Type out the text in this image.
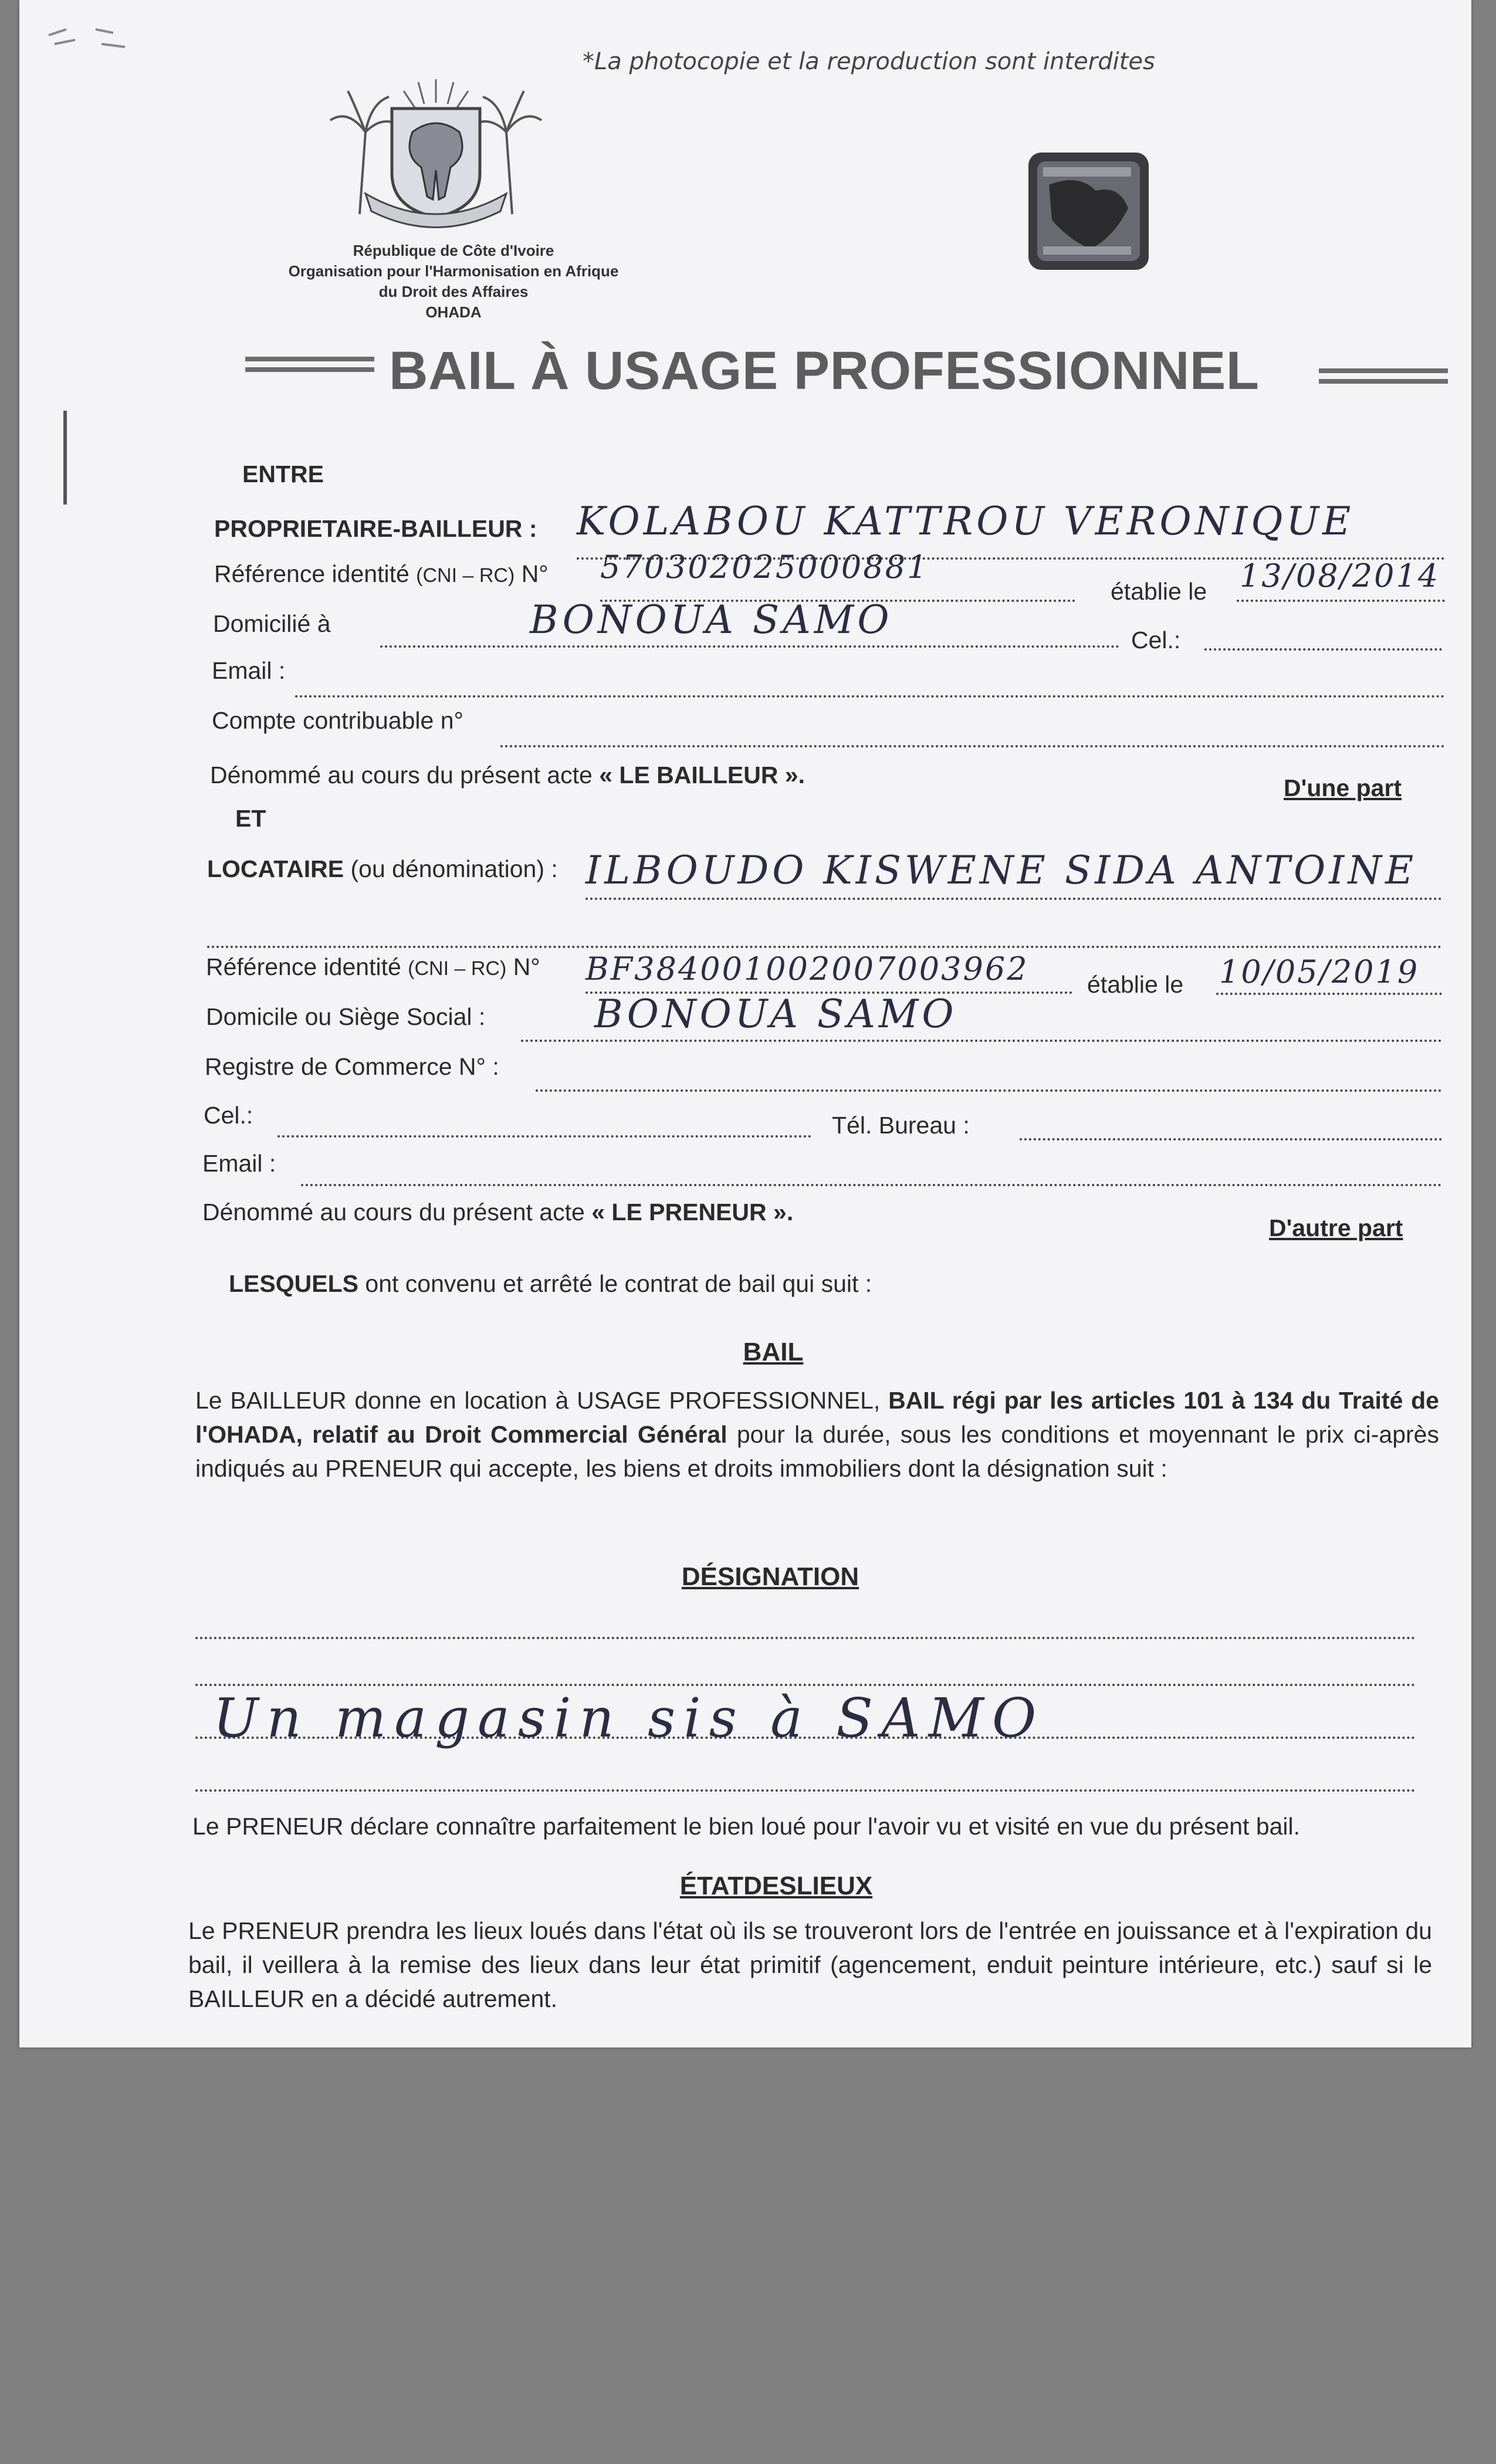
*La photocopie et la reproduction sont interdites
République de Côte d'Ivoire
Organisation pour l'Harmonisation en Afrique
du Droit des Affaires
OHADA
BAIL À USAGE PROFESSIONNEL
ENTRE
PROPRIETAIRE-BAILLEUR : KOLABOU KATTROU VERONIQUE
Référence identité (CNI – RC) N° 570302025000881
établie le 13/08/2014
Domicilié à	BONOUA SAMO	Cel.:
Email :
Compte contribuable n°
Dénommé au cours du présent acte « LE BAILLEUR ».	D'une part
ET
LOCATAIRE (ou dénomination) : ILBOUDO KISWENE SIDA ANTOINE
Référence identité (CNI – RC) N° BF384001002007003962 établie le 10/05/2019
Domicile ou Siège Social :	BONOUA SAMO
Registre de Commerce N° :
Cel.:	Tél. Bureau :
Email :
Dénommé au cours du présent acte « LE PRENEUR ».
D'autre part
LESQUELS ont convenu et arrêté le contrat de bail qui suit :
BAIL
Le BAILLEUR donne en location à USAGE PROFESSIONNEL, BAIL régi par les articles 101 à 134 du Traité de l'OHADA, relatif au Droit Commercial Général pour la durée, sous les conditions et moyennant le prix ci-après indiqués au PRENEUR qui accepte, les biens et droits immobiliers dont la désignation suit :
DÉSIGNATION
Un magasin sis à SAMO
Le PRENEUR déclare connaître parfaitement le bien loué pour l'avoir vu et visité en vue du présent bail.
ÉTATDESLIEUX
Le PRENEUR prendra les lieux loués dans l'état où ils se trouveront lors de l'entrée en jouissance et à l'expiration du bail, il veillera à la remise des lieux dans leur état primitif (agencement, enduit peinture intérieure, etc.) sauf si le BAILLEUR en a décidé autrement.
